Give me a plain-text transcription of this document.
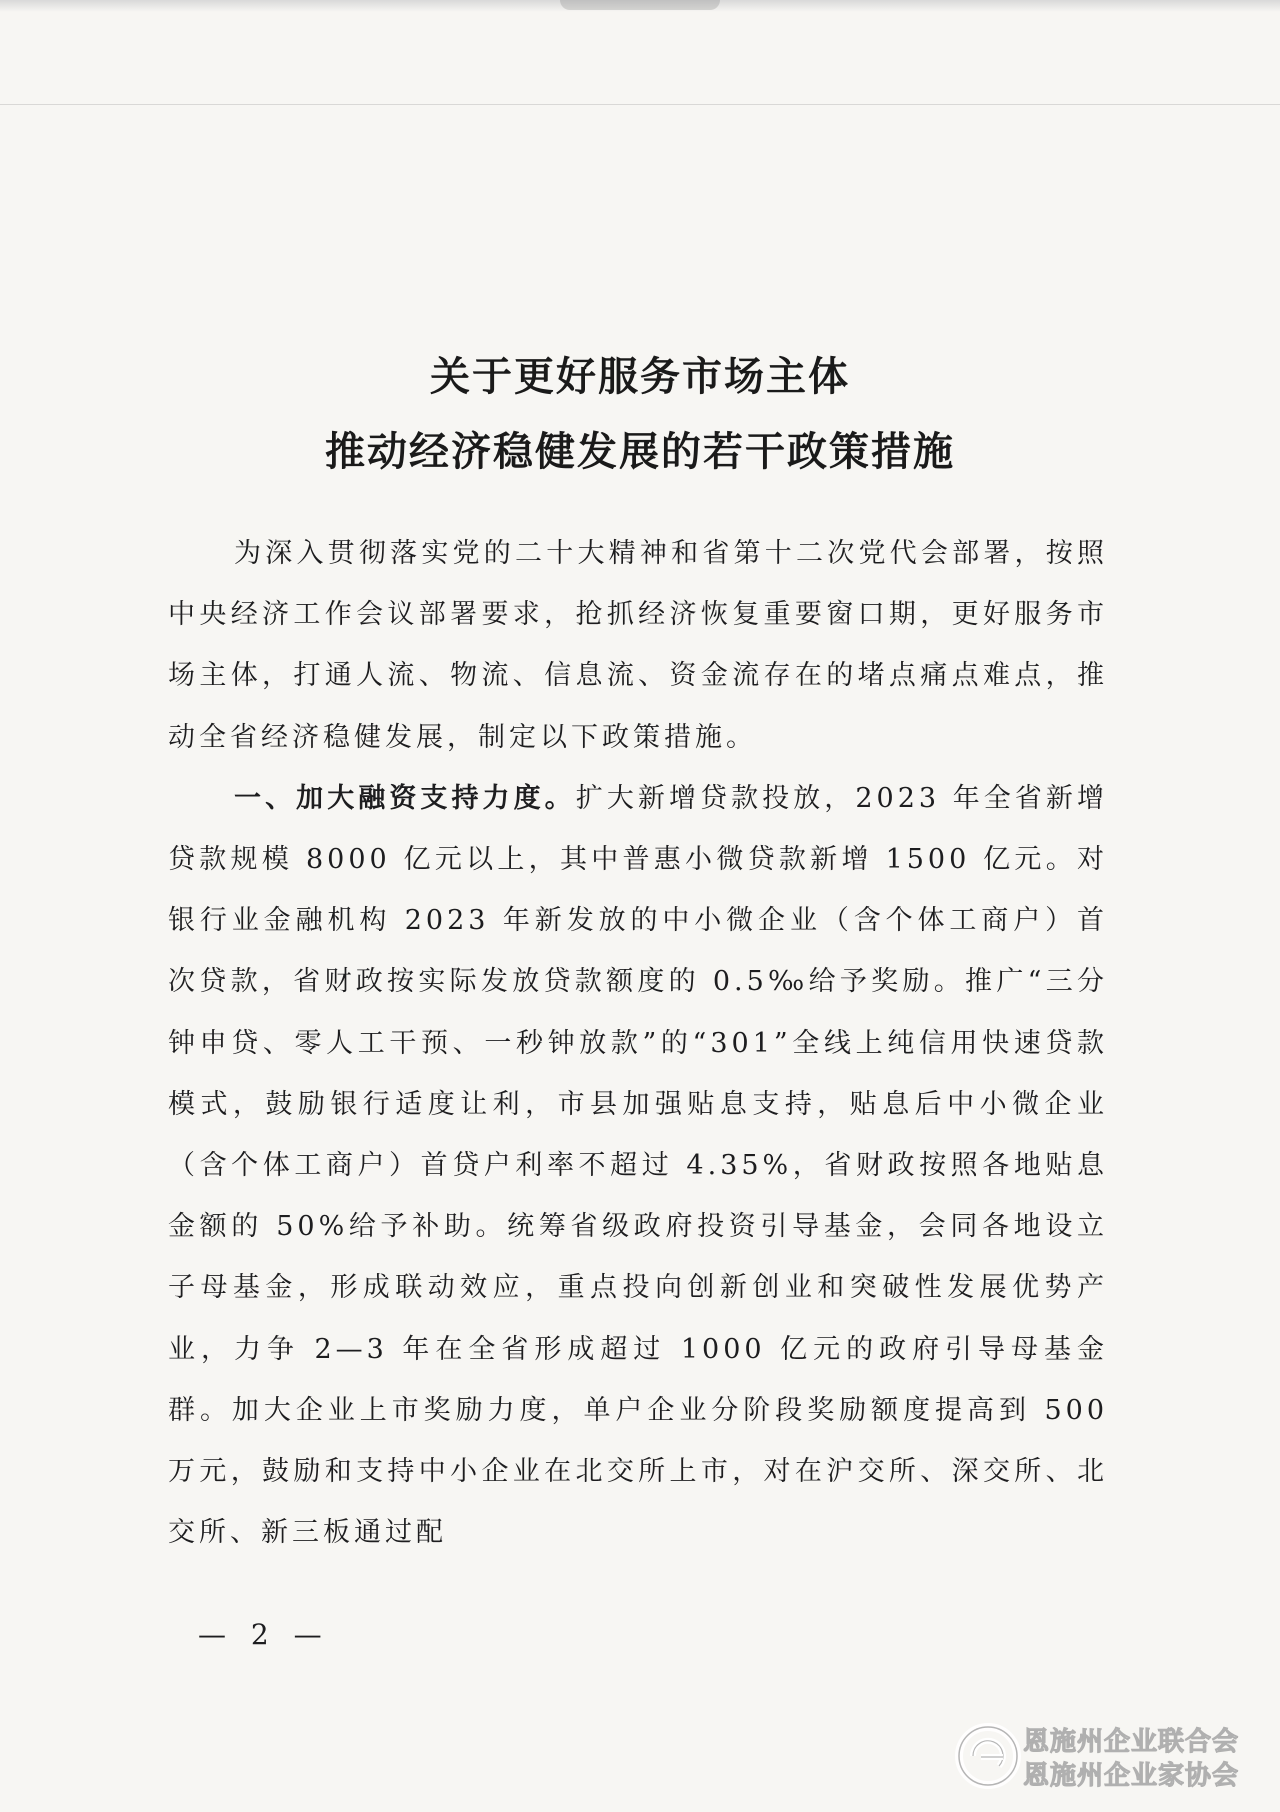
关于更好服务市场主体
推动经济稳健发展的若干政策措施

为深入贯彻落实党的二十大精神和省第十二次党代会部署，按照中央经济工作会议部署要求，抢抓经济恢复重要窗口期，更好服务市场主体，打通人流、物流、信息流、资金流存在的堵点痛点难点，推动全省经济稳健发展，制定以下政策措施。

一、加大融资支持力度。扩大新增贷款投放，2023 年全省新增贷款规模 8000 亿元以上，其中普惠小微贷款新增 1500 亿元。对银行业金融机构 2023 年新发放的中小微企业（含个体工商户）首次贷款，省财政按实际发放贷款额度的 0.5‰给予奖励。推广“三分钟申贷、零人工干预、一秒钟放款”的“301”全线上纯信用快速贷款模式，鼓励银行适度让利，市县加强贴息支持，贴息后中小微企业（含个体工商户）首贷户利率不超过 4.35%，省财政按照各地贴息金额的 50%给予补助。统筹省级政府投资引导基金，会同各地设立子母基金，形成联动效应，重点投向创新创业和突破性发展优势产业，力争 2—3 年在全省形成超过 1000 亿元的政府引导母基金群。加大企业上市奖励力度，单户企业分阶段奖励额度提高到 500 万元，鼓励和支持中小企业在北交所上市，对在沪交所、深交所、北交所、新三板通过配

— 2 —
恩施州企业联合会
恩施州企业家协会
